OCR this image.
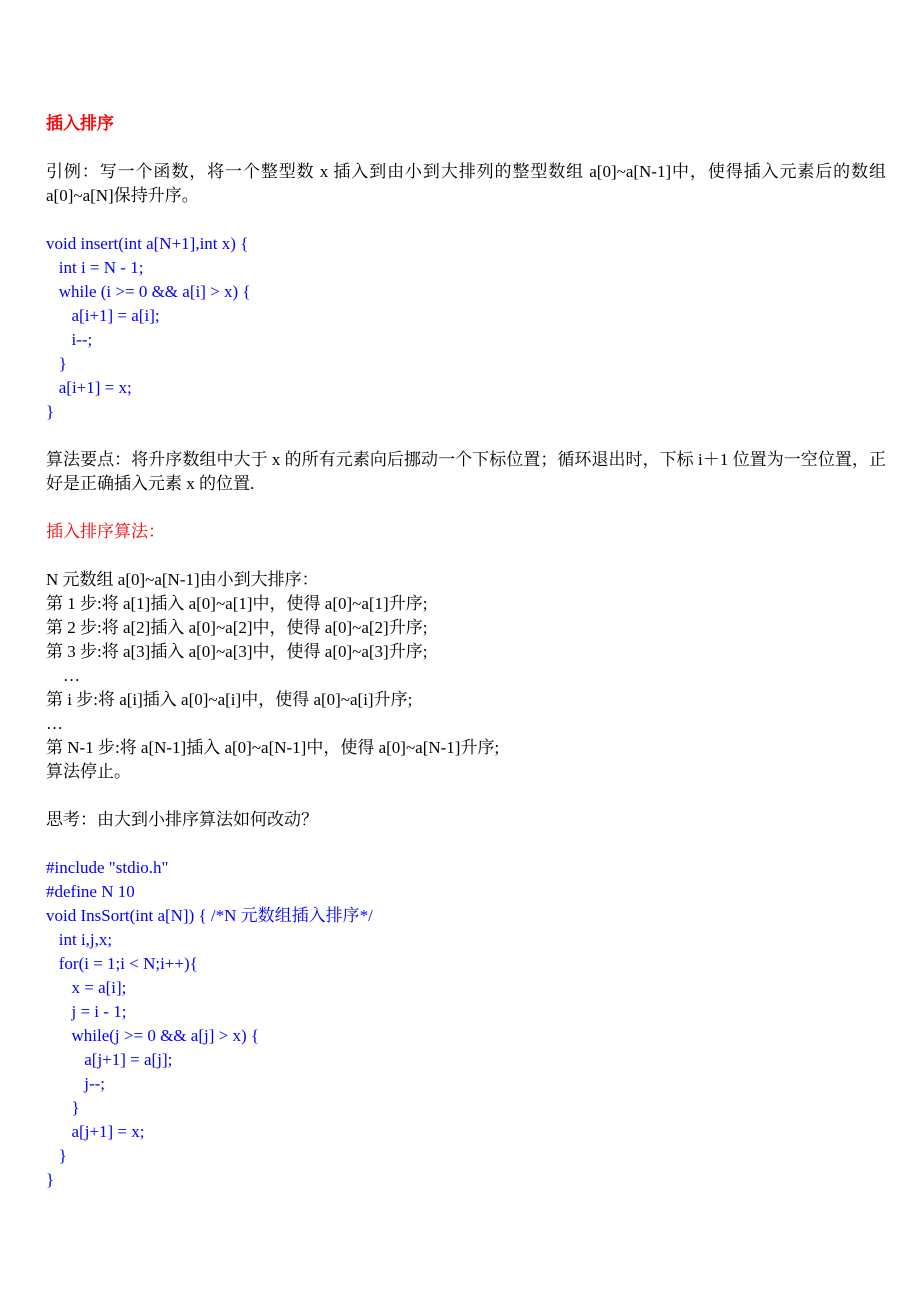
插入排序
引例：写一个函数，将一个整型数 x 插入到由小到大排列的整型数组 a[0]~a[N-1]中，使得插入元素后的数组 a[0]~a[N]保持升序。
void insert(int a[N+1],int x) {
int i = N - 1;
while (i >= 0 && a[i] > x) {
a[i+1] = a[i];
i--;
}
a[i+1] = x;
}
算法要点：将升序数组中大于 x 的所有元素向后挪动一个下标位置；循环退出时，下标 i＋1 位置为一空位置，正好是正确插入元素 x 的位置.
插入排序算法：
N 元数组 a[0]~a[N-1]由小到大排序：
第 1 步:将 a[1]插入 a[0]~a[1]中，使得 a[0]~a[1]升序;
第 2 步:将 a[2]插入 a[0]~a[2]中，使得 a[0]~a[2]升序;
第 3 步:将 a[3]插入 a[0]~a[3]中，使得 a[0]~a[3]升序;
…
第 i 步:将 a[i]插入 a[0]~a[i]中，使得 a[0]~a[i]升序;
…
第 N-1 步:将 a[N-1]插入 a[0]~a[N-1]中，使得 a[0]~a[N-1]升序;
算法停止。
思考：由大到小排序算法如何改动？
#include "stdio.h"
#define N 10
void InsSort(int a[N]) { /*N 元数组插入排序*/
int i,j,x;
for(i = 1;i < N;i++){
x = a[i];
j = i - 1;
while(j >= 0 && a[j] > x) {
a[j+1] = a[j];
j--;
}
a[j+1] = x;
}
}
